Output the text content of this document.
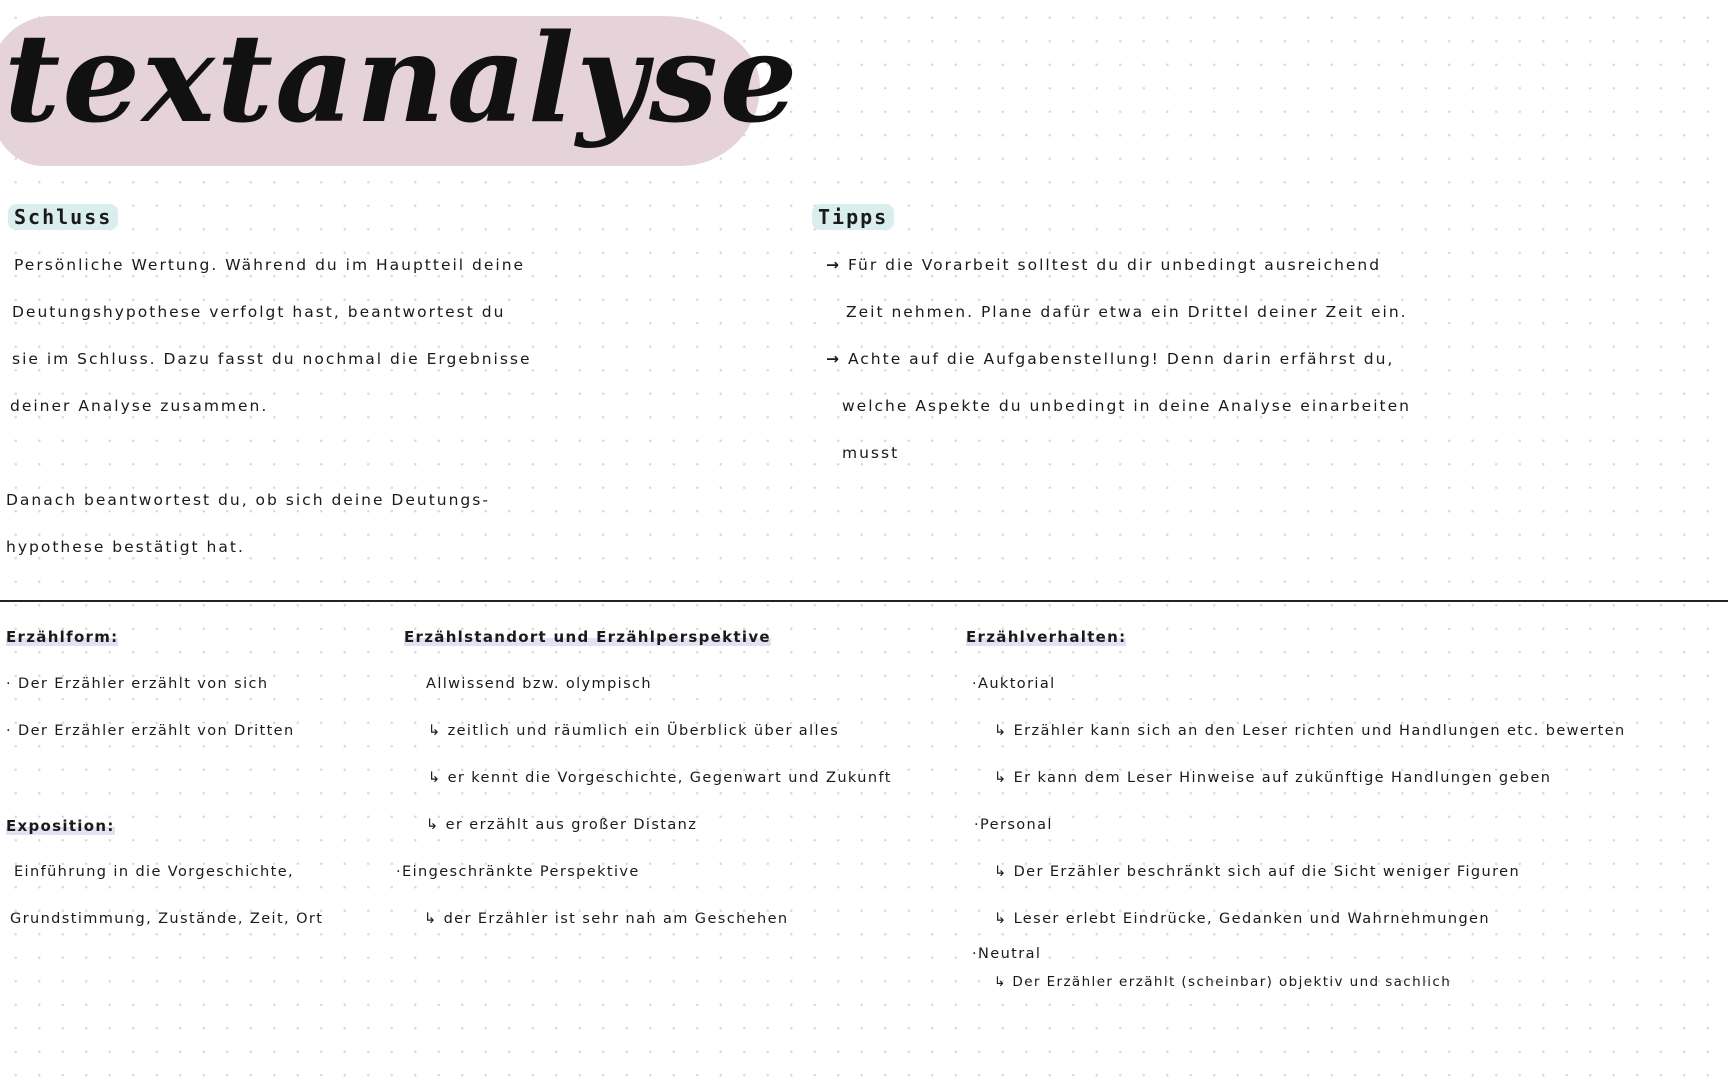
textanalyse
Schluss
Persönliche Wertung. Während du im Hauptteil deine
Deutungshypothese verfolgt hast, beantwortest du
sie im Schluss. Dazu fasst du nochmal die Ergebnisse
deiner Analyse zusammen.
Danach beantwortest du, ob sich deine Deutungs-
hypothese bestätigt hat.
Tipps
→ Für die Vorarbeit solltest du dir unbedingt ausreichend
Zeit nehmen. Plane dafür etwa ein Drittel deiner Zeit ein.
→ Achte auf die Aufgabenstellung! Denn darin erfährst du,
welche Aspekte du unbedingt in deine Analyse einarbeiten
musst
Erzählform:
· Der Erzähler erzählt von sich
· Der Erzähler erzählt von Dritten
Exposition:
Einführung in die Vorgeschichte,
Grundstimmung, Zustände, Zeit, Ort
Erzählstandort und Erzählperspektive
Allwissend bzw. olympisch
↳ zeitlich und räumlich ein Überblick über alles
↳ er kennt die Vorgeschichte, Gegenwart und Zukunft
↳ er erzählt aus großer Distanz
·Eingeschränkte Perspektive
↳ der Erzähler ist sehr nah am Geschehen
Erzählverhalten:
·Auktorial
↳ Erzähler kann sich an den Leser richten und Handlungen etc. bewerten
↳ Er kann dem Leser Hinweise auf zukünftige Handlungen geben
·Personal
↳ Der Erzähler beschränkt sich auf die Sicht weniger Figuren
↳ Leser erlebt Eindrücke, Gedanken und Wahrnehmungen
·Neutral
↳ Der Erzähler erzählt (scheinbar) objektiv und sachlich
